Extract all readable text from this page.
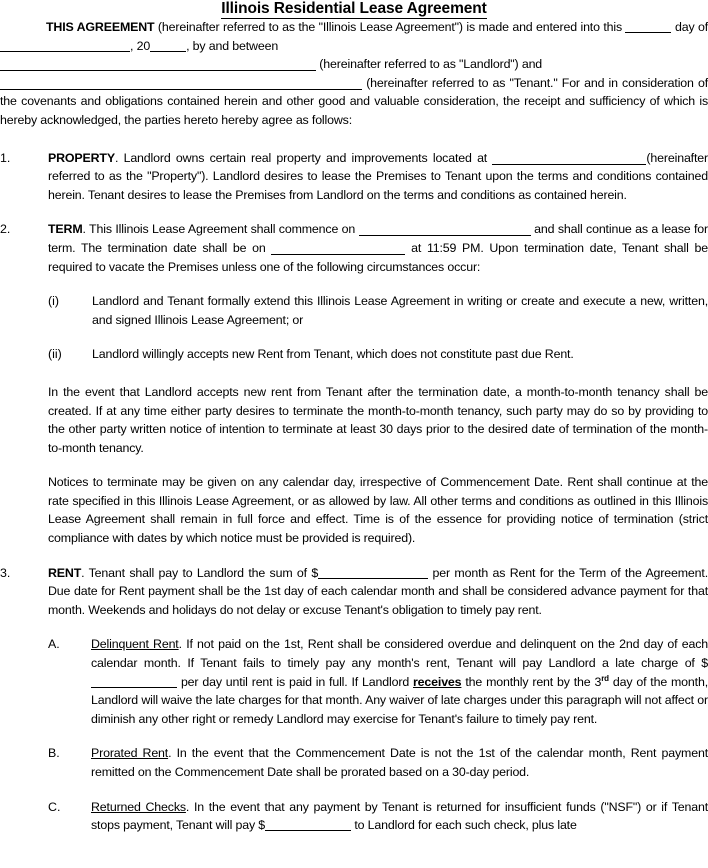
Illinois Residential Lease Agreement

THIS AGREEMENT (hereinafter referred to as the "Illinois Lease Agreement") is made and entered into this	day of , 20	, by and between

(hereinafter referred to as "Landlord") and

(hereinafter referred to as "Tenant." For and in consideration of the covenants and obligations contained herein and other good and valuable consideration, the receipt and sufficiency of which is hereby acknowledged, the parties hereto hereby agree as follows:

1.	PROPERTY. Landlord owns certain real property and improvements located at	(hereinafter referred to as the "Property"). Landlord desires to lease the Premises to Tenant upon the terms and conditions contained herein. Tenant desires to lease the Premises from Landlord on the terms and conditions as contained herein.
2.	TERM. This Illinois Lease Agreement shall commence on	and shall continue as a lease for term. The termination date shall be on	at 11:59 PM. Upon termination date, Tenant shall be required to vacate the Premises unless one of the following circumstances occur:
(i)	Landlord and Tenant formally extend this Illinois Lease Agreement in writing or create and execute a new, written, and signed Illinois Lease Agreement; or
(ii)	Landlord willingly accepts new Rent from Tenant, which does not constitute past due Rent.
In the event that Landlord accepts new rent from Tenant after the termination date, a month-to-month tenancy shall be created. If at any time either party desires to terminate the month-to-month tenancy, such party may do so by providing to the other party written notice of intention to terminate at least 30 days prior to the desired date of termination of the month-to-month tenancy.
Notices to terminate may be given on any calendar day, irrespective of Commencement Date. Rent shall continue at the rate specified in this Illinois Lease Agreement, or as allowed by law. All other terms and conditions as outlined in this Illinois Lease Agreement shall remain in full force and effect. Time is of the essence for providing notice of termination (strict compliance with dates by which notice must be provided is required).
3.	RENT. Tenant shall pay to Landlord the sum of $	per month as Rent for the Term of the Agreement. Due date for Rent payment shall be the 1st day of each calendar month and shall be considered advance payment for that month. Weekends and holidays do not delay or excuse Tenant's obligation to timely pay rent.
A.	Delinquent Rent. If not paid on the 1st, Rent shall be considered overdue and delinquent on the 2nd day of each calendar month. If Tenant fails to timely pay any month's rent, Tenant will pay Landlord a late charge of $ per day until rent is paid in full. If Landlord receives the monthly rent by the 3rd day of the month, Landlord will waive the late charges for that month. Any waiver of late charges under this paragraph will not affect or diminish any other right or remedy Landlord may exercise for Tenant's failure to timely pay rent.
B.	Prorated Rent. In the event that the Commencement Date is not the 1st of the calendar month, Rent payment remitted on the Commencement Date shall be prorated based on a 30-day period.
C.	Returned Checks. In the event that any payment by Tenant is returned for insufficient funds ("NSF") or if Tenant stops payment, Tenant will pay $	to Landlord for each such check, plus late
